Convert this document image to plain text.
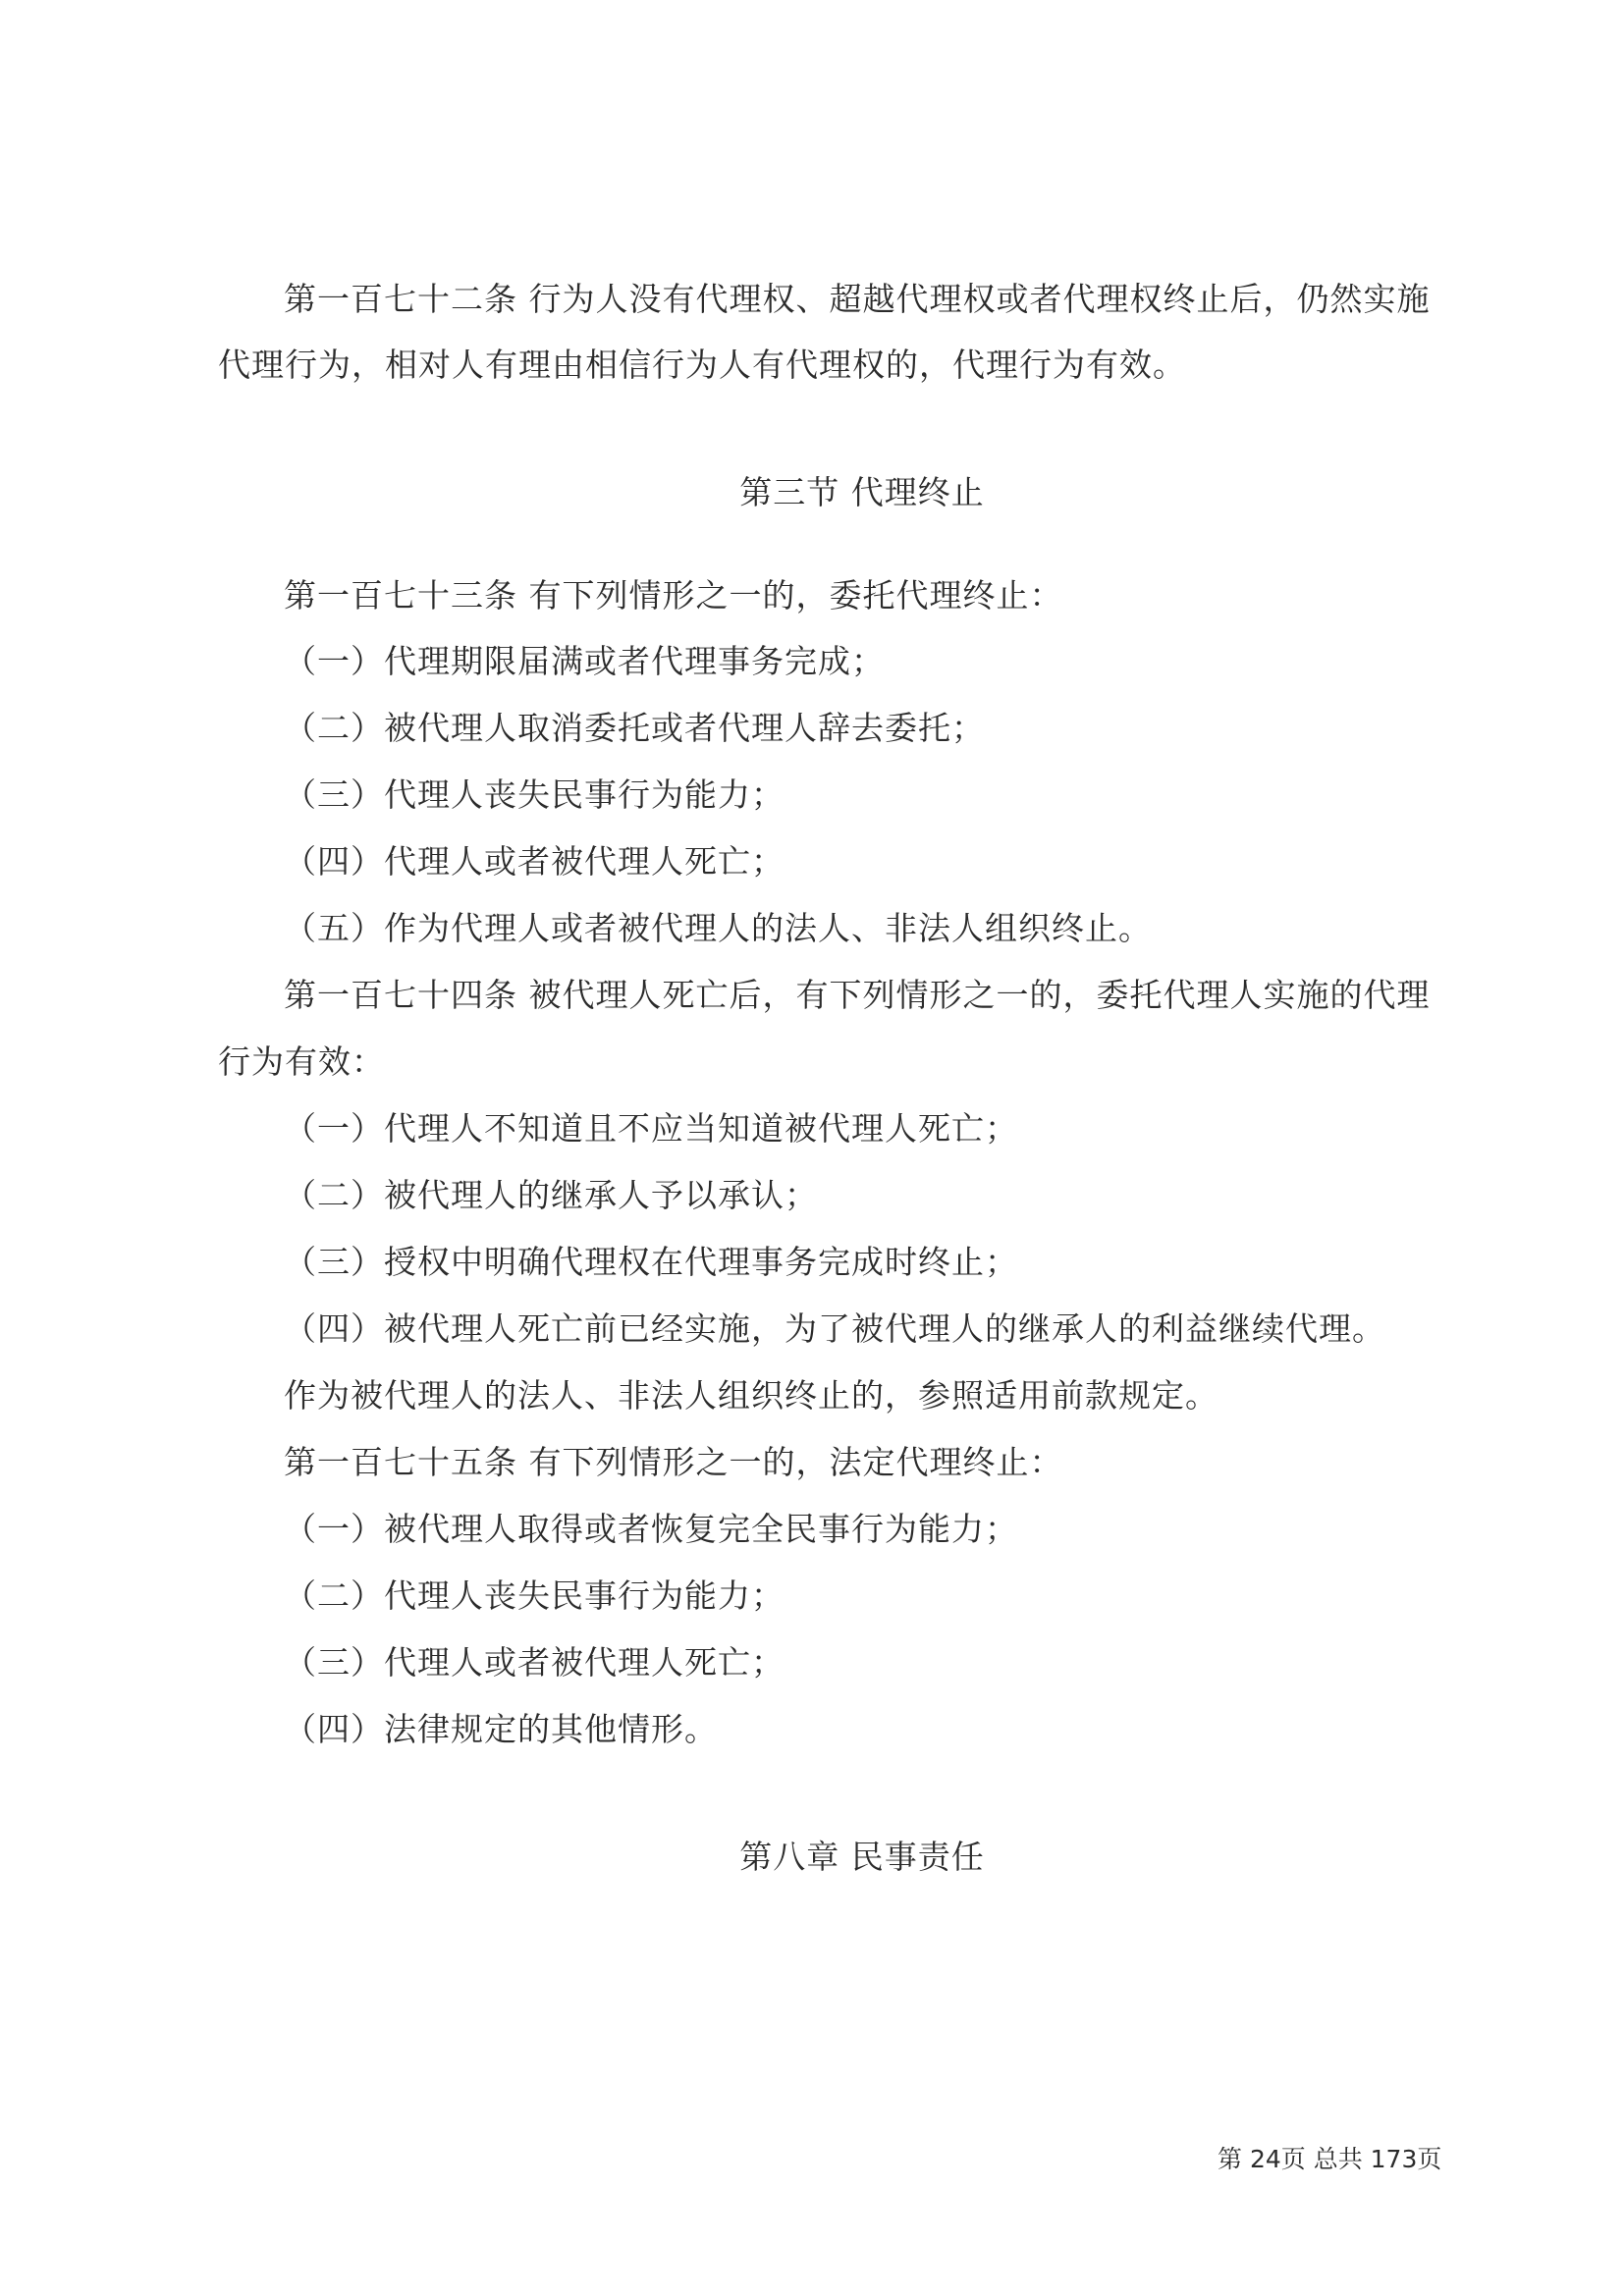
第一百七十二条 行为人没有代理权、超越代理权或者代理权终止后，仍然实施
代理行为，相对人有理由相信行为人有代理权的，代理行为有效。
第三节 代理终止
第一百七十三条 有下列情形之一的，委托代理终止：
（一）代理期限届满或者代理事务完成；
（二）被代理人取消委托或者代理人辞去委托；
（三）代理人丧失民事行为能力；
（四）代理人或者被代理人死亡；
（五）作为代理人或者被代理人的法人、非法人组织终止。
第一百七十四条 被代理人死亡后，有下列情形之一的，委托代理人实施的代理
行为有效：
（一）代理人不知道且不应当知道被代理人死亡；
（二）被代理人的继承人予以承认；
（三）授权中明确代理权在代理事务完成时终止；
（四）被代理人死亡前已经实施，为了被代理人的继承人的利益继续代理。
作为被代理人的法人、非法人组织终止的，参照适用前款规定。
第一百七十五条 有下列情形之一的，法定代理终止：
（一）被代理人取得或者恢复完全民事行为能力；
（二）代理人丧失民事行为能力；
（三）代理人或者被代理人死亡；
（四）法律规定的其他情形。
第八章 民事责任
第 24页 总共 173页
